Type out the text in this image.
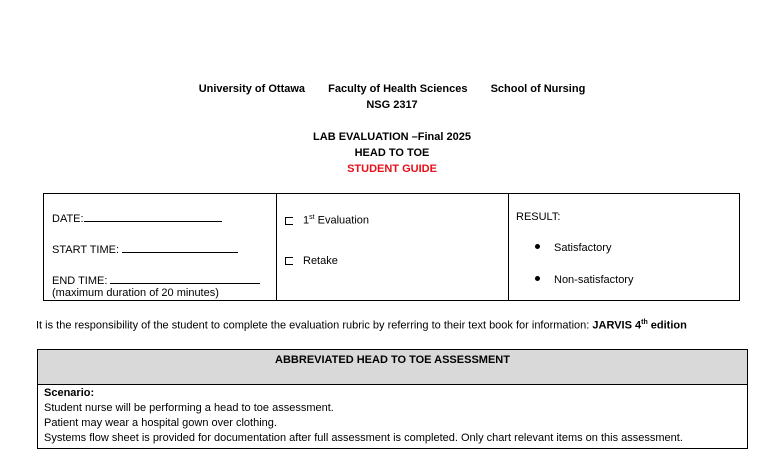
University of Ottawa Faculty of Health Sciences School of Nursing
NSG 2317
LAB EVALUATION –Final 2025
HEAD TO TOE
STUDENT GUIDE
DATE:
START TIME:
END TIME:
(maximum duration of 20 minutes)
1st Evaluation
Retake
RESULT:
Satisfactory
Non-satisfactory
It is the responsibility of the student to complete the evaluation rubric by referring to their text book for information: JARVIS 4th edition
ABBREVIATED HEAD TO TOE ASSESSMENT
Scenario:
Student nurse will be performing a head to toe assessment.
Patient may wear a hospital gown over clothing.
Systems flow sheet is provided for documentation after full assessment is completed. Only chart relevant items on this assessment.
